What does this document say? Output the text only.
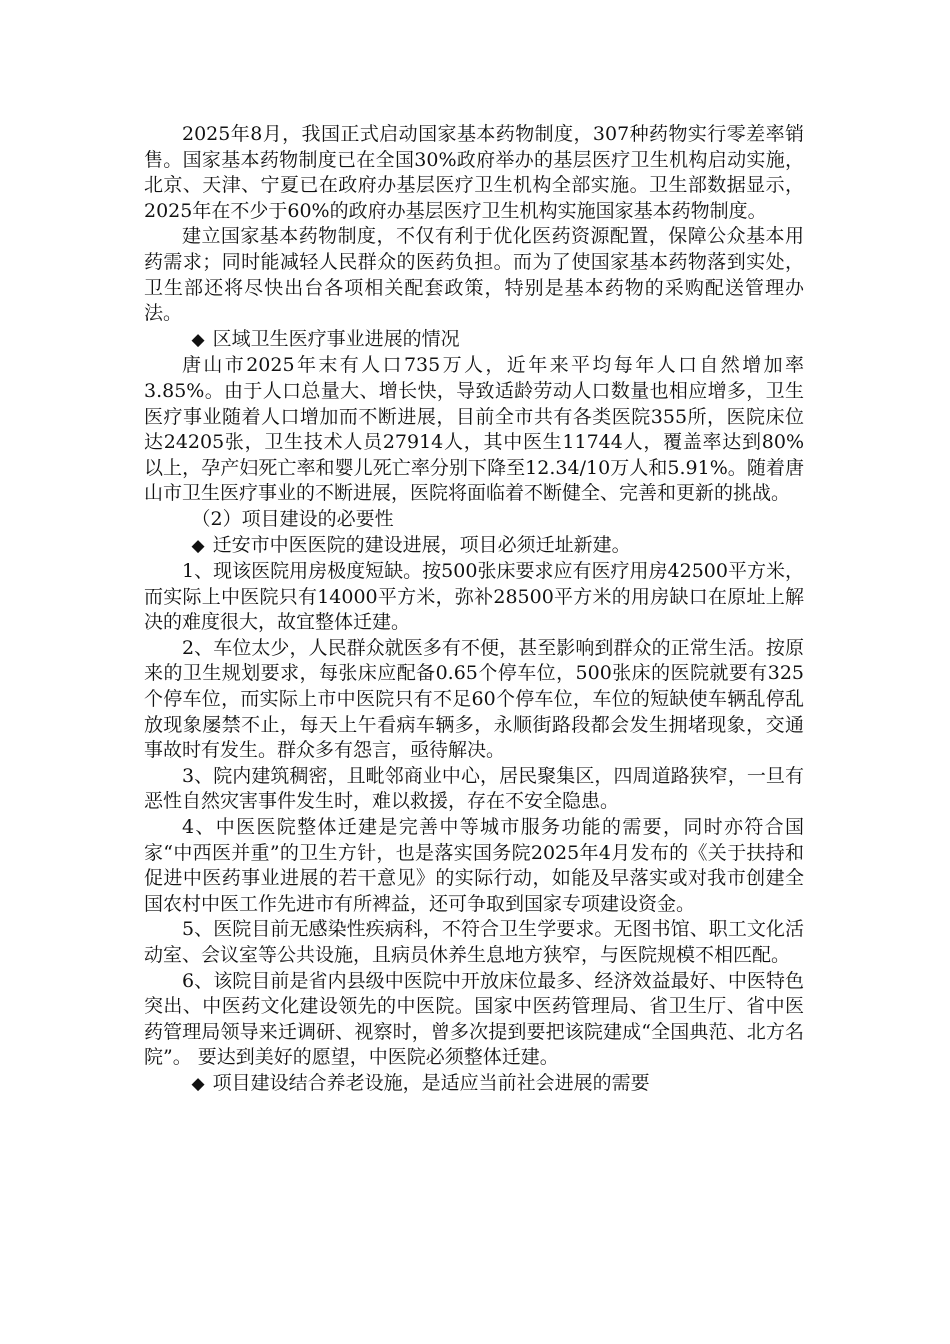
2025年8月，我国正式启动国家基本药物制度，307种药物实行零差率销售。国家基本药物制度已在全国30%政府举办的基层医疗卫生机构启动实施，北京、天津、宁夏已在政府办基层医疗卫生机构全部实施。卫生部数据显示，2025年在不少于60%的政府办基层医疗卫生机构实施国家基本药物制度。

建立国家基本药物制度，不仅有利于优化医药资源配置，保障公众基本用药需求；同时能减轻人民群众的医药负担。而为了使国家基本药物落到实处，卫生部还将尽快出台各项相关配套政策，特别是基本药物的采购配送管理办法。

◆ 区域卫生医疗事业进展的情况

唐山市2025年末有人口735万人，近年来平均每年人口自然增加率3.85%。由于人口总量大、增长快，导致适龄劳动人口数量也相应增多，卫生医疗事业随着人口增加而不断进展，目前全市共有各类医院355所，医院床位达24205张，卫生技术人员27914人，其中医生11744人，覆盖率达到80%以上，孕产妇死亡率和婴儿死亡率分别下降至12.34/10万人和5.91%。随着唐山市卫生医疗事业的不断进展，医院将面临着不断健全、完善和更新的挑战。

（2）项目建设的必要性

◆ 迁安市中医医院的建设进展，项目必须迁址新建。

1、现该医院用房极度短缺。按500张床要求应有医疗用房42500平方米，而实际上中医院只有14000平方米，弥补28500平方米的用房缺口在原址上解决的难度很大，故宜整体迁建。

2、车位太少，人民群众就医多有不便，甚至影响到群众的正常生活。按原来的卫生规划要求，每张床应配备0.65个停车位，500张床的医院就要有325个停车位，而实际上市中医院只有不足60个停车位，车位的短缺使车辆乱停乱放现象屡禁不止，每天上午看病车辆多，永顺街路段都会发生拥堵现象，交通事故时有发生。群众多有怨言，亟待解决。

3、院内建筑稠密，且毗邻商业中心，居民聚集区，四周道路狭窄，一旦有恶性自然灾害事件发生时，难以救援，存在不安全隐患。

4、中医医院整体迁建是完善中等城市服务功能的需要，同时亦符合国家“中西医并重”的卫生方针，也是落实国务院2025年4月发布的《关于扶持和促进中医药事业进展的若干意见》的实际行动，如能及早落实或对我市创建全国农村中医工作先进市有所裨益，还可争取到国家专项建设资金。

5、医院目前无感染性疾病科，不符合卫生学要求。无图书馆、职工文化活动室、会议室等公共设施，且病员休养生息地方狭窄，与医院规模不相匹配。

6、该院目前是省内县级中医院中开放床位最多、经济效益最好、中医特色突出、中医药文化建设领先的中医院。国家中医药管理局、省卫生厅、省中医药管理局领导来迁调研、视察时，曾多次提到要把该院建成“全国典范、北方名院”。 要达到美好的愿望，中医院必须整体迁建。

◆ 项目建设结合养老设施，是适应当前社会进展的需要
